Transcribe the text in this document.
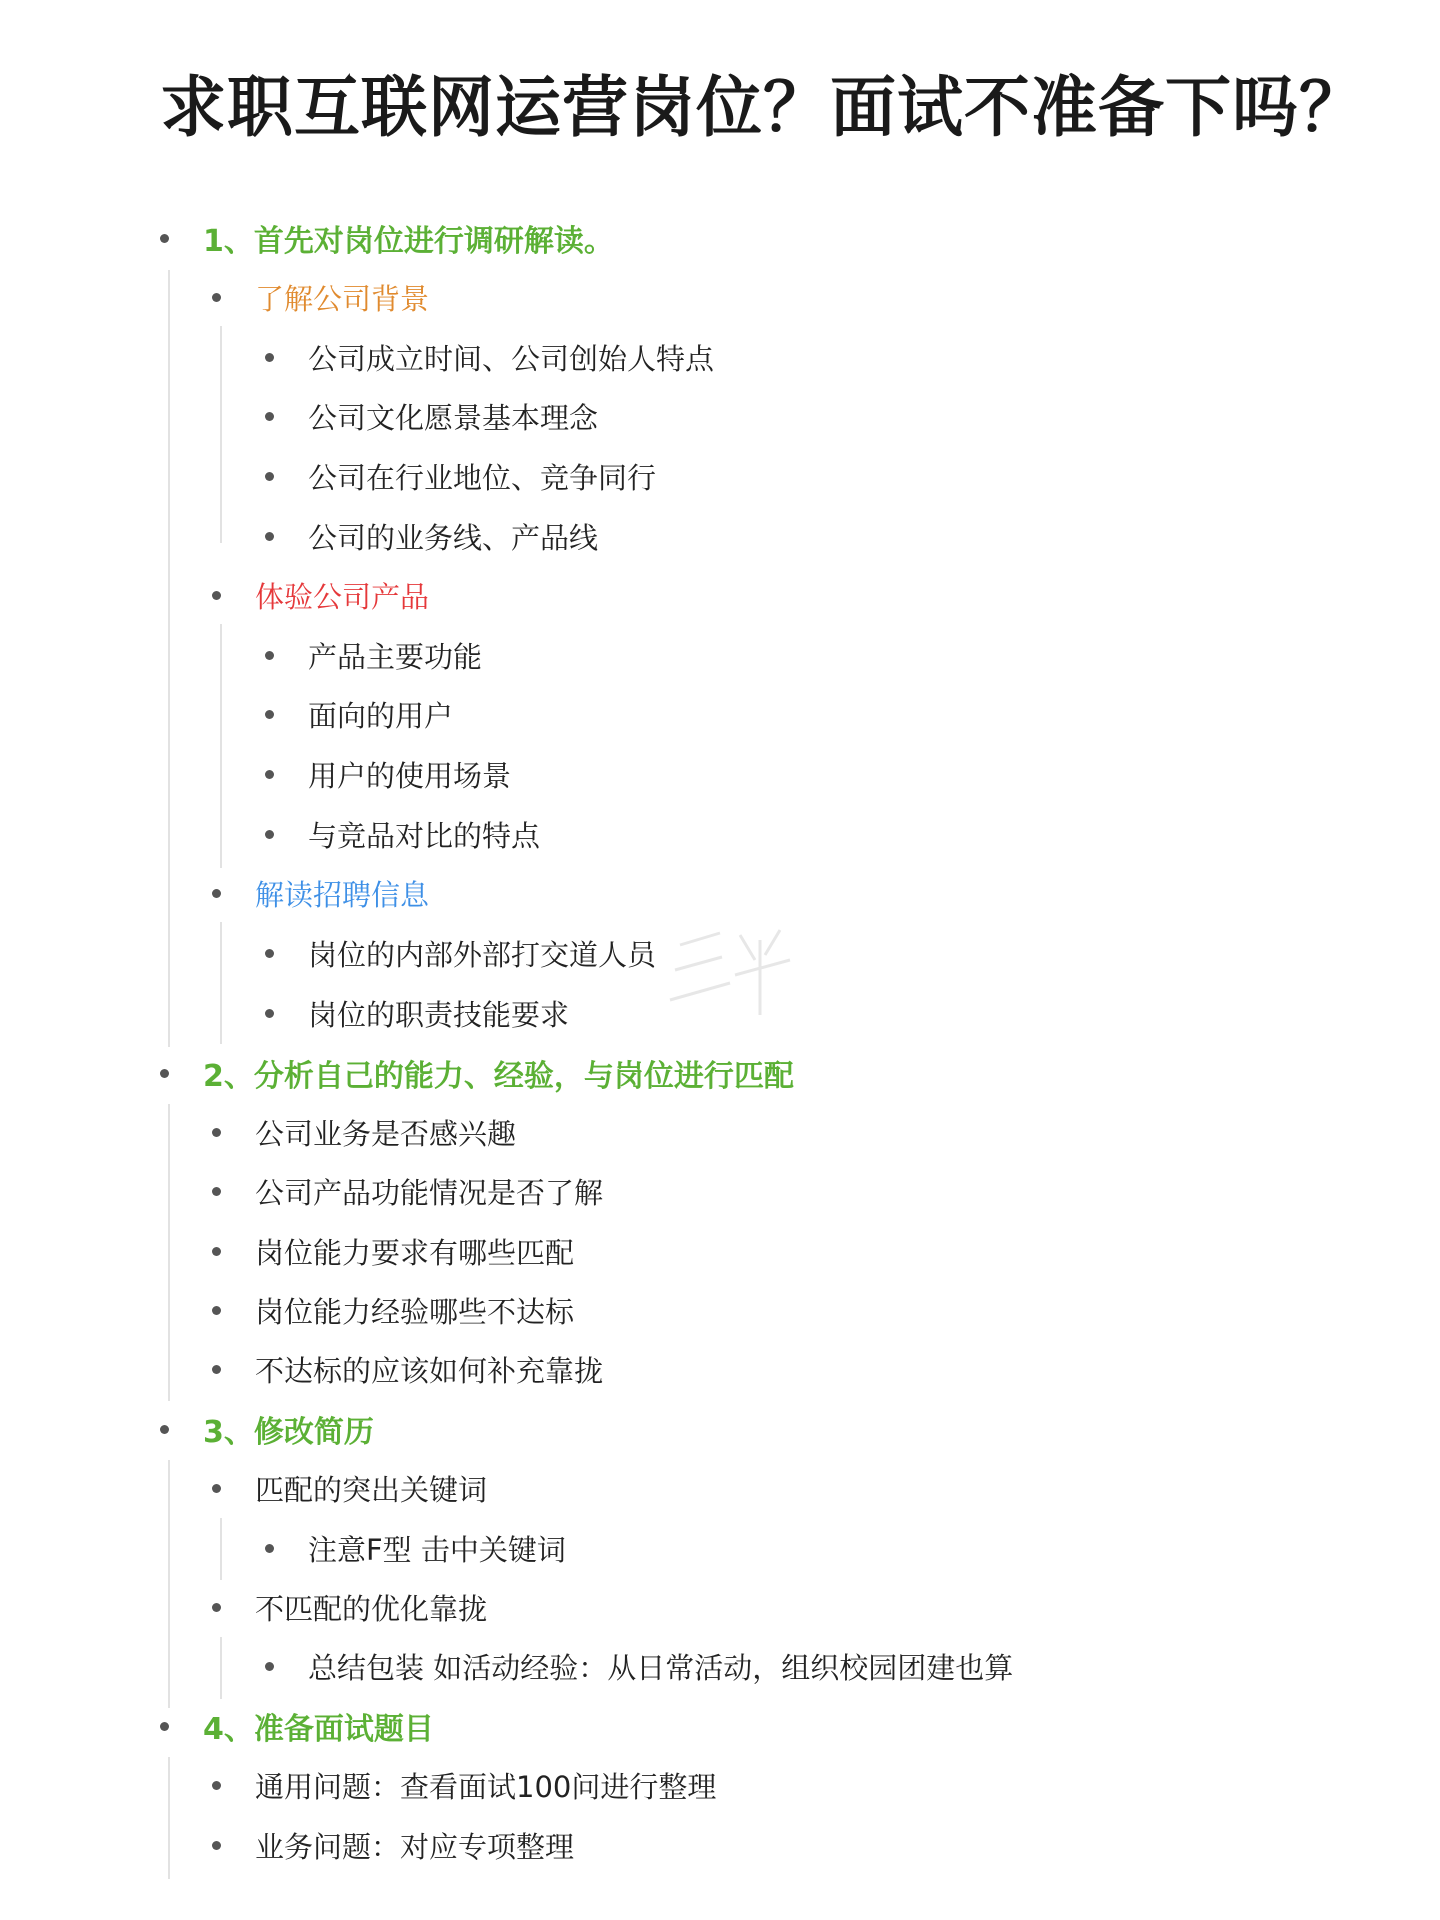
求职互联网运营岗位？面试不准备下吗？
1、首先对岗位进行调研解读。
了解公司背景
公司成立时间、公司创始人特点
公司文化愿景基本理念
公司在行业地位、竞争同行
公司的业务线、产品线
体验公司产品
产品主要功能
面向的用户
用户的使用场景
与竞品对比的特点
解读招聘信息
岗位的内部外部打交道人员
岗位的职责技能要求
2、分析自己的能力、经验，与岗位进行匹配
公司业务是否感兴趣
公司产品功能情况是否了解
岗位能力要求有哪些匹配
岗位能力经验哪些不达标
不达标的应该如何补充靠拢
3、修改简历
匹配的突出关键词
注意F型 击中关键词
不匹配的优化靠拢
总结包装 如活动经验：从日常活动，组织校园团建也算
4、准备面试题目
通用问题：查看面试100问进行整理
业务问题：对应专项整理
